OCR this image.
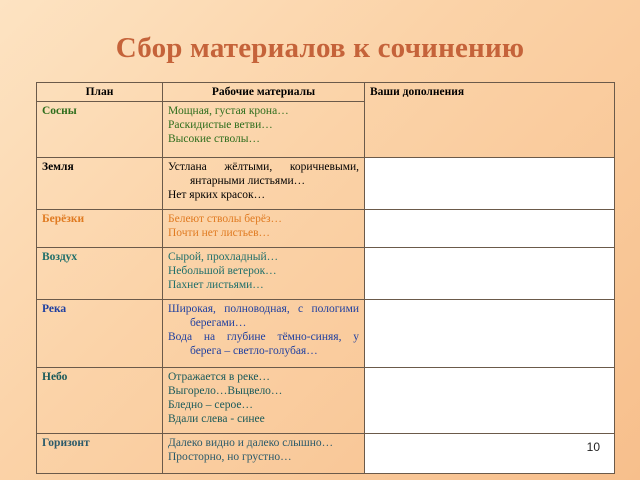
Сбор материалов к сочинению
План	Рабочие материалы	Ваши дополнения
Сосны	Мощная, густая крона…
Раскидистые ветви…
Высокие стволы…	

Земля	Устлана жёлтыми, коричневыми,
янтарными листьями…
Нет ярких красок…	

Берёзки	Белеют стволы берёз…
Почти нет листьев…	

Воздух	Сырой, прохладный…
Небольшой ветерок…
Пахнет листьями…	

Река	Широкая, полноводная, с пологими
берегами…
Вода на глубине тёмно-синяя, у
берега – светло-голубая…	

Небо	Отражается в реке…
Выгорело…Выцвело…
Бледно – серое…
Вдали слева - синее	

Горизонт	Далеко видно и далеко слышно…
Просторно, но грустно…	

10
